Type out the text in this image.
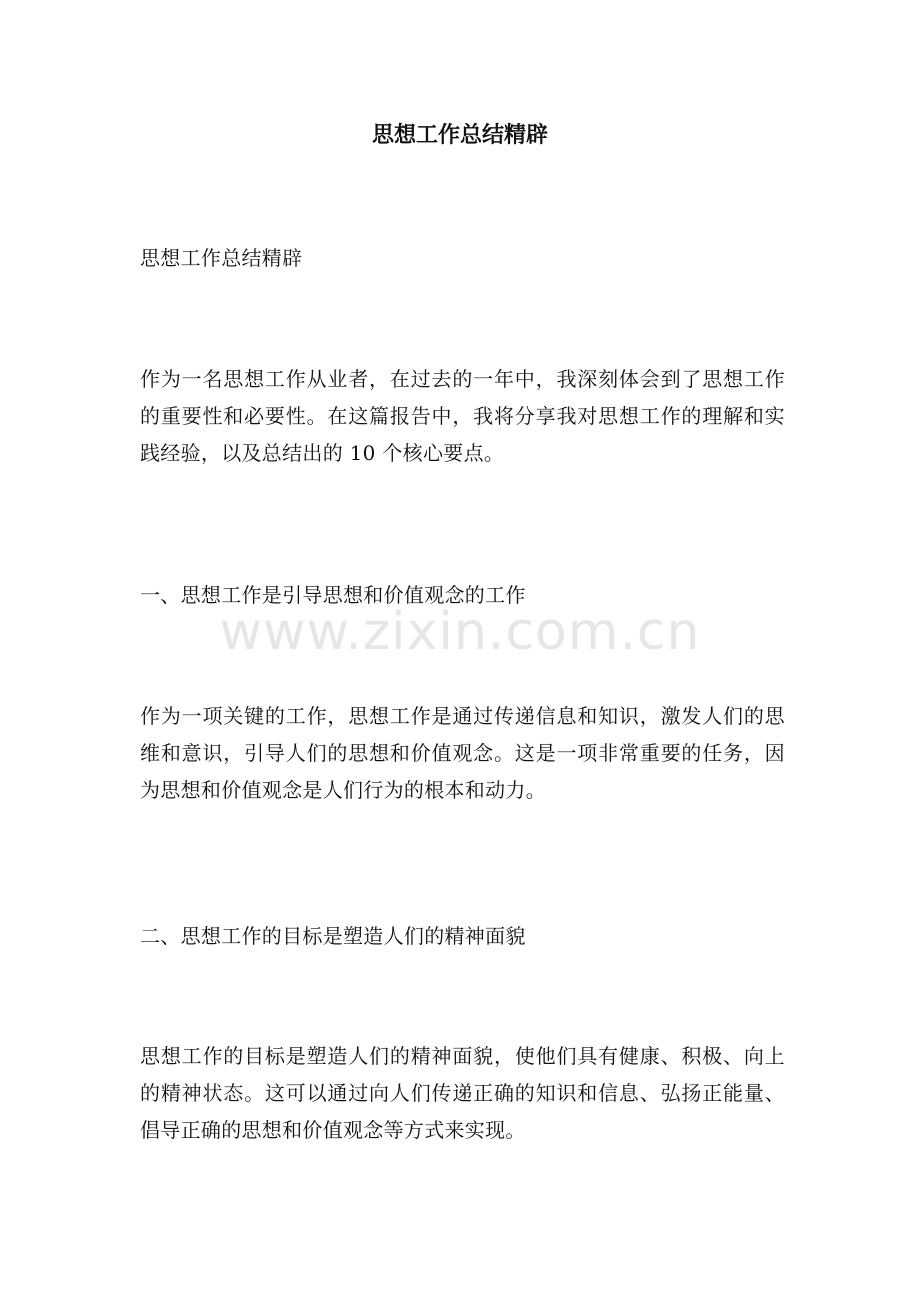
www.zixin.com.cn
思想工作总结精辟
思想工作总结精辟
作为一名思想工作从业者，在过去的一年中，我深刻体会到了思想工作的重要性和必要性。在这篇报告中，我将分享我对思想工作的理解和实践经验，以及总结出的 10 个核心要点。
一、思想工作是引导思想和价值观念的工作
作为一项关键的工作，思想工作是通过传递信息和知识，激发人们的思维和意识，引导人们的思想和价值观念。这是一项非常重要的任务，因为思想和价值观念是人们行为的根本和动力。
二、思想工作的目标是塑造人们的精神面貌
思想工作的目标是塑造人们的精神面貌，使他们具有健康、积极、向上的精神状态。这可以通过向人们传递正确的知识和信息、弘扬正能量、倡导正确的思想和价值观念等方式来实现。
